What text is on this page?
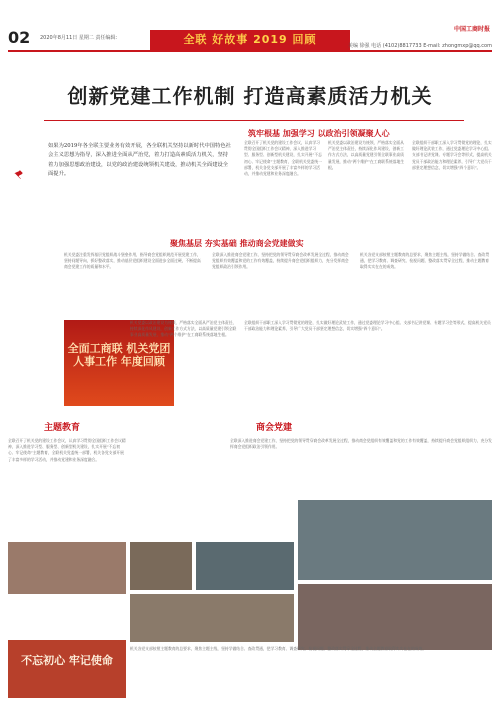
02 2020年8月11日 星期二 责任编辑：	全联 好故事 2019 回顾
中国工商时报
美编 徐强 电话 (4102)8817733 E-mail: zhongmxp@qq.com
创新党建工作机制 打造高素质活力机关
⚑
如果为2019年各全联主要业务有效开展，各全联机关坚持以新时代中国特色社会主义思想为指导，深入推进全面从严治党，着力打造高素质活力机关，坚持着力加强思想政治建设，以党的政治建设统领机关建设，推动机关全面建设全面提升。
筑牢根基 加强学习 以政治引领凝聚人心
全联召开了机关党的建设工作会议，认真学习贯彻全国组织工作会议精神，深入推进学习型、服务型、创新型机关建设，扎实开展“不忘初心、牢记使命”主题教育，全联机关党委统一部署，机关各党支部开展了丰富多样的学习活动，并推动党建和业务深度融合。
机关党委以政治建设为统领，严格落实全面从严治党主体责任，持续深化作风建设，创新工作方式方法，以高质量党建引领全联事业高质量发展，推动“两个维护”在工商联系统落地生根。
全联组织干部职工深入学习贯彻党的理论，扎实做好理论武装工作，通过党委理论学习中心组、支部书记讲党课、专题学习会等形式，提高机关党员干部政治能力和理论素养，引导广大党员干部坚定理想信念，切实增强“四个意识”。
聚焦基层 夯实基础 推动商会党建做实
机关党委注重发挥基层党组织战斗堡垒作用，指导商会党组织规范开展党建工作，坚持问题导向，抓好整改落实，推动基层党组织建设全面进步全面过硬，不断提高商会党建工作的质量和水平。
全联深入推进商会党建工作，坚持把党的领导贯穿商会改革发展全过程，推动商会党组织有效覆盖和党的工作有效覆盖，持续提升商会党组织组织力，充分发挥商会党组织政治引领作用。
机关各党支部按照主题教育的总要求，聚焦主题主线，坚持学做结合、查改贯通，把学习教育、调查研究、检视问题、整改落实贯穿全过程，推动主题教育取得实实在在的成效。
全面工商联 机关党团 人事工作 年度回顾
主题教育	商会党建
全联召开了机关党的建设工作会议，认真学习贯彻全国组织工作会议精神，深入推进学习型、服务型、创新型机关建设，扎实开展“不忘初心、牢记使命”主题教育，全联机关党委统一部署，机关各党支部开展了丰富多样的学习活动，并推动党建和业务深度融合。
机关党委以政治建设为统领，严格落实全面从严治党主体责任，持续深化作风建设，创新工作方式方法，以高质量党建引领全联事业高质量发展，推动“两个维护”在工商联系统落地生根。
全联组织干部职工深入学习贯彻党的理论，扎实做好理论武装工作，通过党委理论学习中心组、支部书记讲党课、专题学习会等形式，提高机关党员干部政治能力和理论素养，引导广大党员干部坚定理想信念，切实增强“四个意识”。
全联深入推进商会党建工作，坚持把党的领导贯穿商会改革发展全过程，推动商会党组织有效覆盖和党的工作有效覆盖，持续提升商会党组织组织力，充分发挥商会党组织政治引领作用。
机关各党支部按照主题教育的总要求，聚焦主题主线，坚持学做结合、查改贯通，把学习教育、调查研究、检视问题、整改落实贯穿全过程，推动主题教育取得实实在在的成效。
不忘初心 牢记使命
